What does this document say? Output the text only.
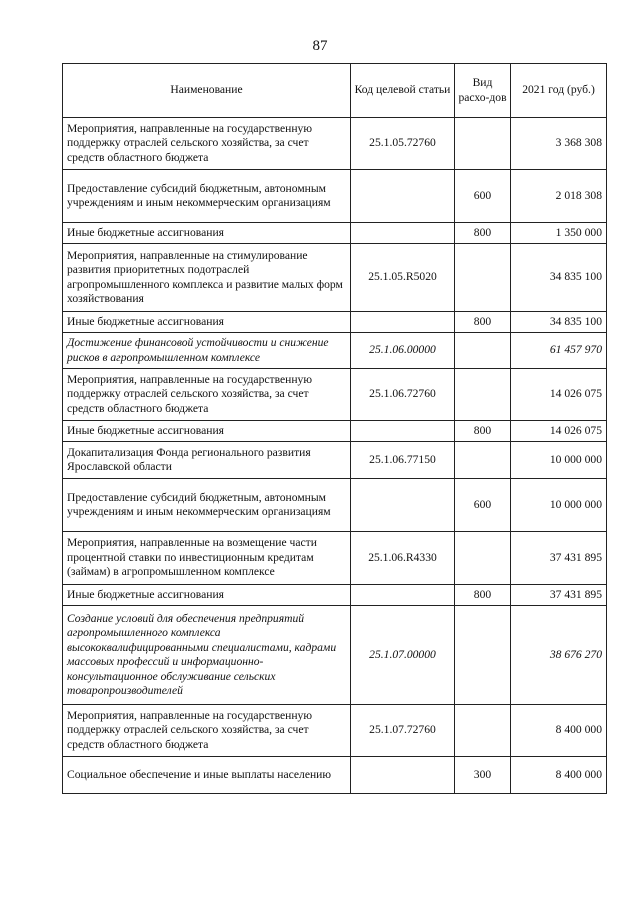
87
Наименование	Код целевой статьи	Вид расхо-дов	2021 год (руб.)
Мероприятия, направленные на государственную поддержку отраслей сельского хозяйства, за счет средств областного бюджета	25.1.05.72760		3 368 308
Предоставление субсидий бюджетным, автономным учреждениям и иным некоммерческим организациям		600	2 018 308
Иные бюджетные ассигнования		800	1 350 000
Мероприятия, направленные на стимулирование развития приоритетных подотраслей агропромышленного комплекса и развитие малых форм хозяйствования	25.1.05.R5020		34 835 100
Иные бюджетные ассигнования		800	34 835 100
Достижение финансовой устойчивости и снижение рисков в агропромышленном комплексе	25.1.06.00000		61 457 970
Мероприятия, направленные на государственную поддержку отраслей сельского хозяйства, за счет средств областного бюджета	25.1.06.72760		14 026 075
Иные бюджетные ассигнования		800	14 026 075
Докапитализация Фонда регионального развития Ярославской области	25.1.06.77150		10 000 000
Предоставление субсидий бюджетным, автономным учреждениям и иным некоммерческим организациям		600	10 000 000
Мероприятия, направленные на возмещение части процентной ставки по инвестиционным кредитам (займам) в агропромышленном комплексе	25.1.06.R4330		37 431 895
Иные бюджетные ассигнования		800	37 431 895
Создание условий для обеспечения предприятий агропромышленного комплекса высококвалифицированными специалистами, кадрами массовых профессий и информационно-консультационное обслуживание сельских товаропроизводителей	25.1.07.00000		38 676 270
Мероприятия, направленные на государственную поддержку отраслей сельского хозяйства, за счет средств областного бюджета	25.1.07.72760		8 400 000
Социальное обеспечение и иные выплаты населению		300	8 400 000
